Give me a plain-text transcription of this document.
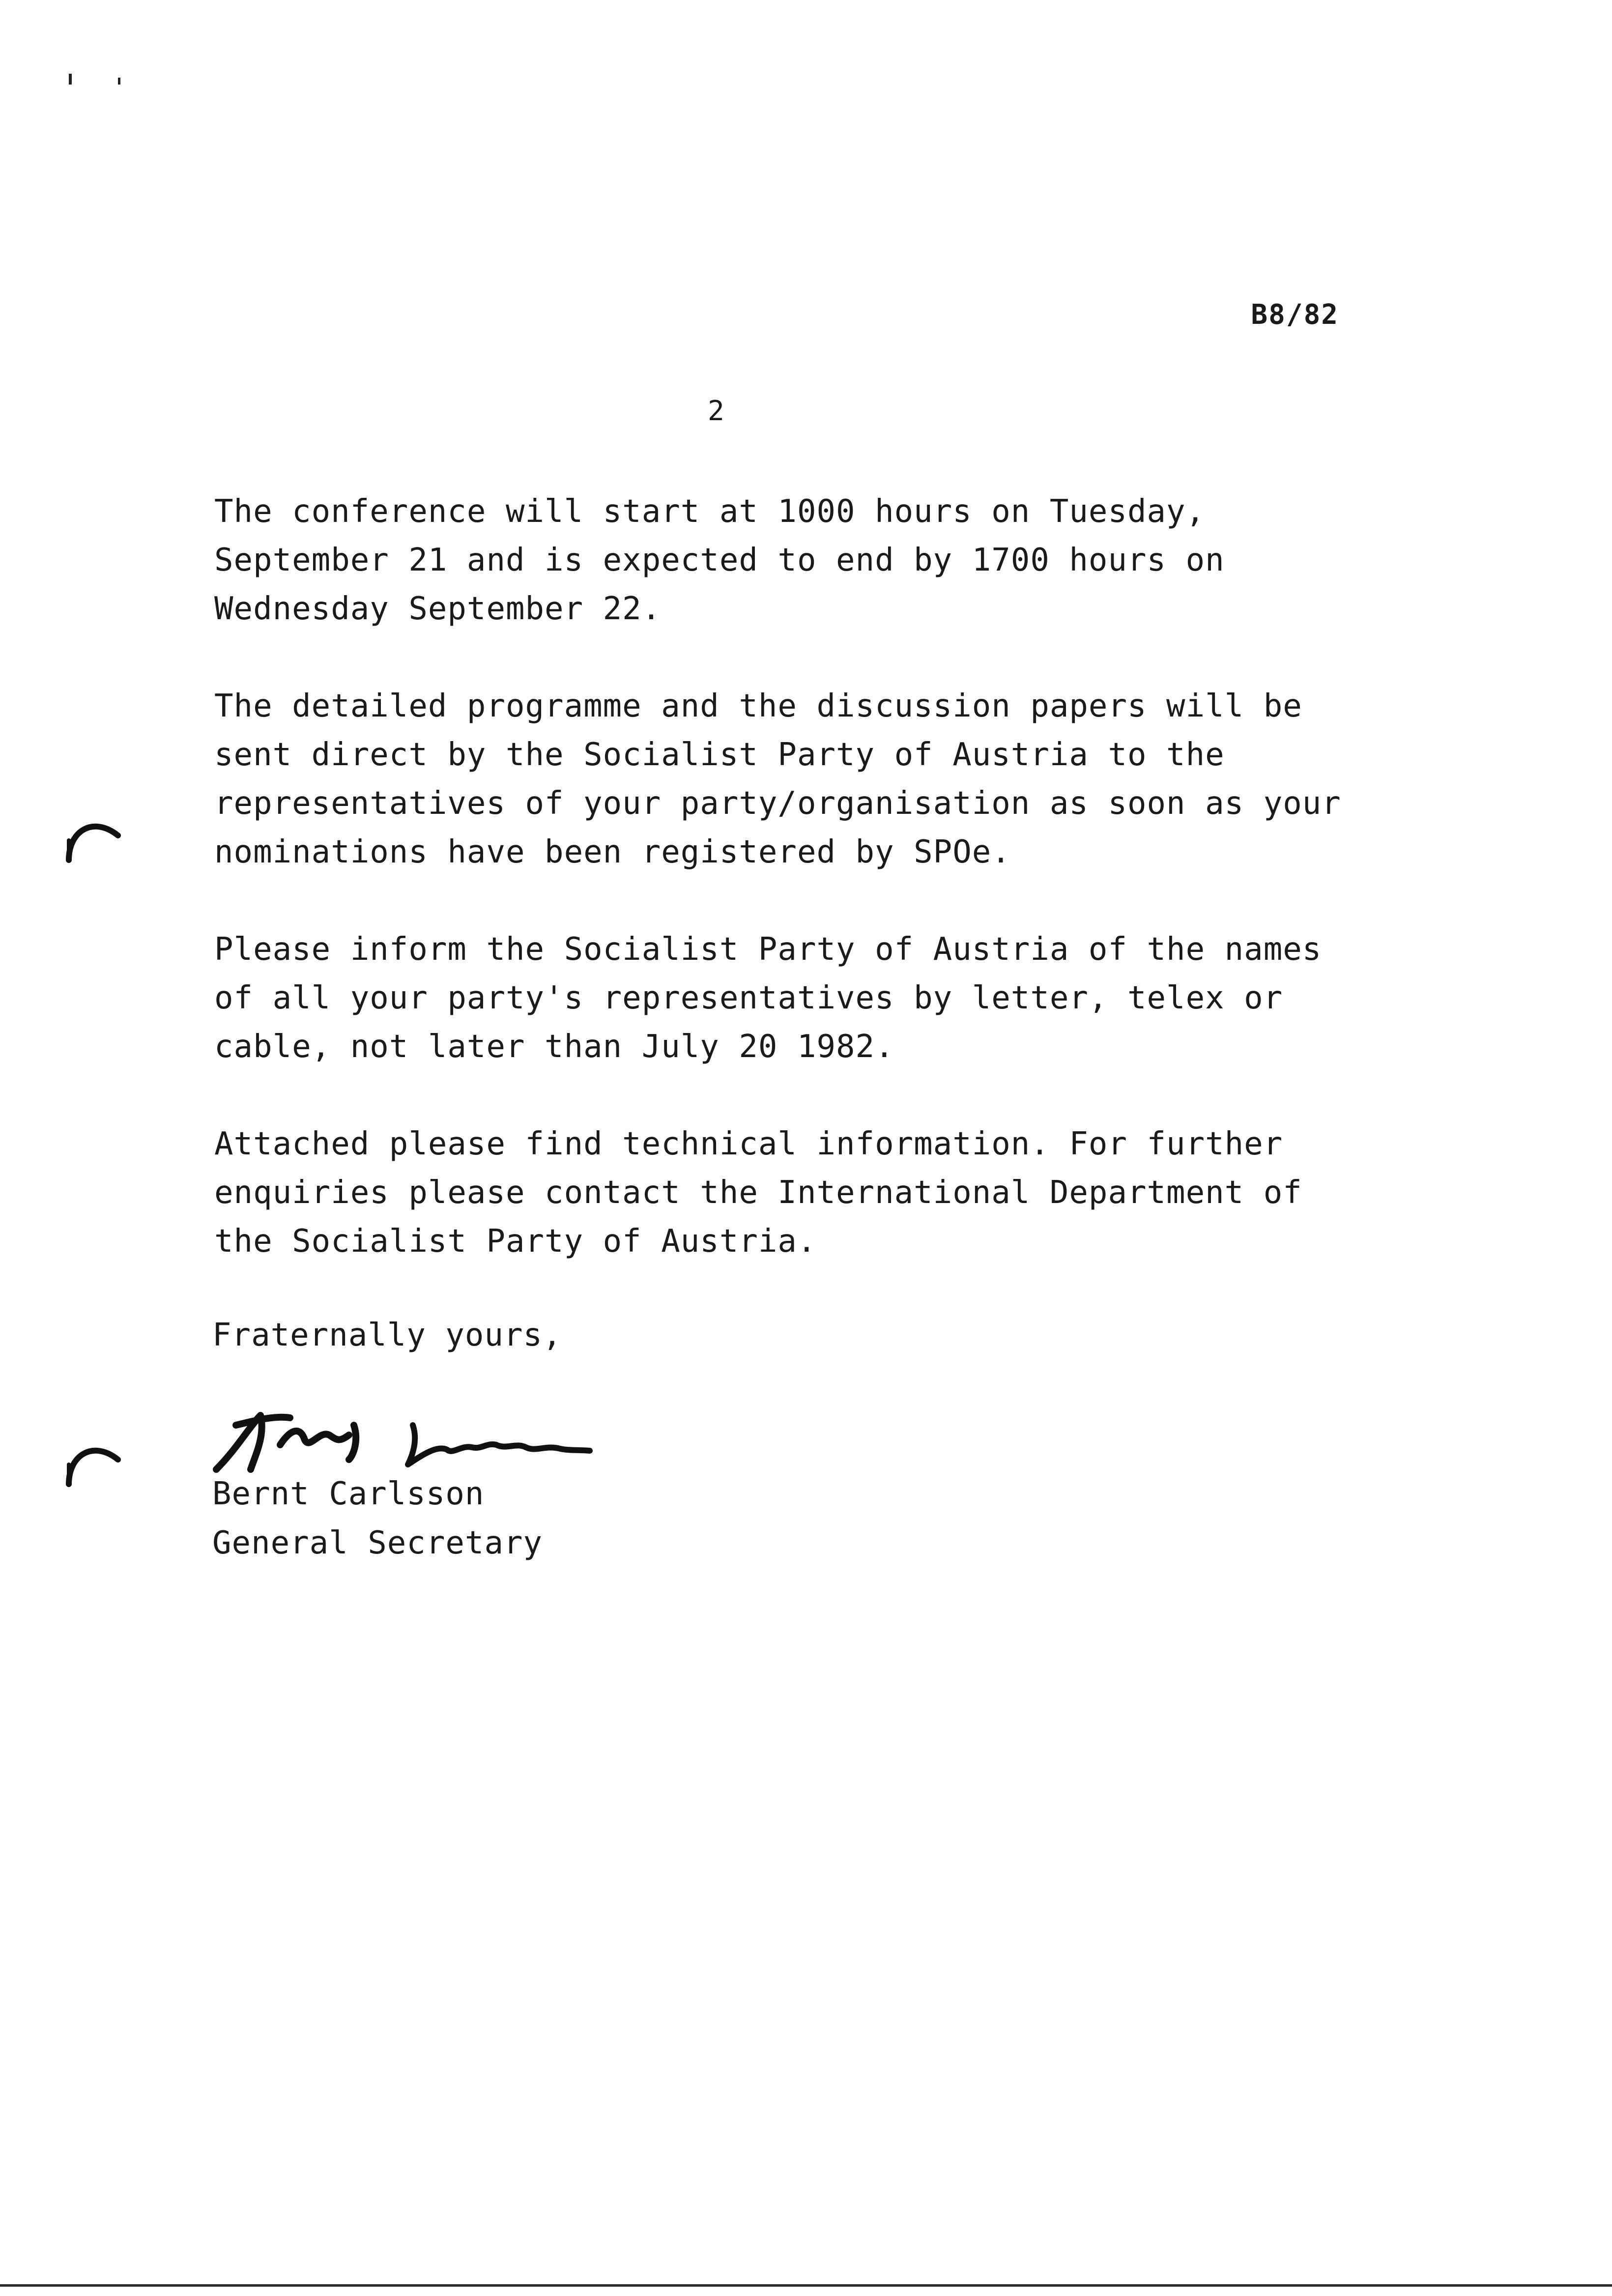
B8/82
2

The conference will start at 1000 hours on Tuesday,
September 21 and is expected to end by 1700 hours on
Wednesday September 22.

The detailed programme and the discussion papers will be
sent direct by the Socialist Party of Austria to the
representatives of your party/organisation as soon as your
nominations have been registered by SPOe.

Please inform the Socialist Party of Austria of the names
of all your party's representatives by letter, telex or
cable, not later than July 20 1982.

Attached please find technical information. For further
enquiries please contact the International Department of
the Socialist Party of Austria.

Fraternally yours,
Bernt Carlsson
General Secretary
